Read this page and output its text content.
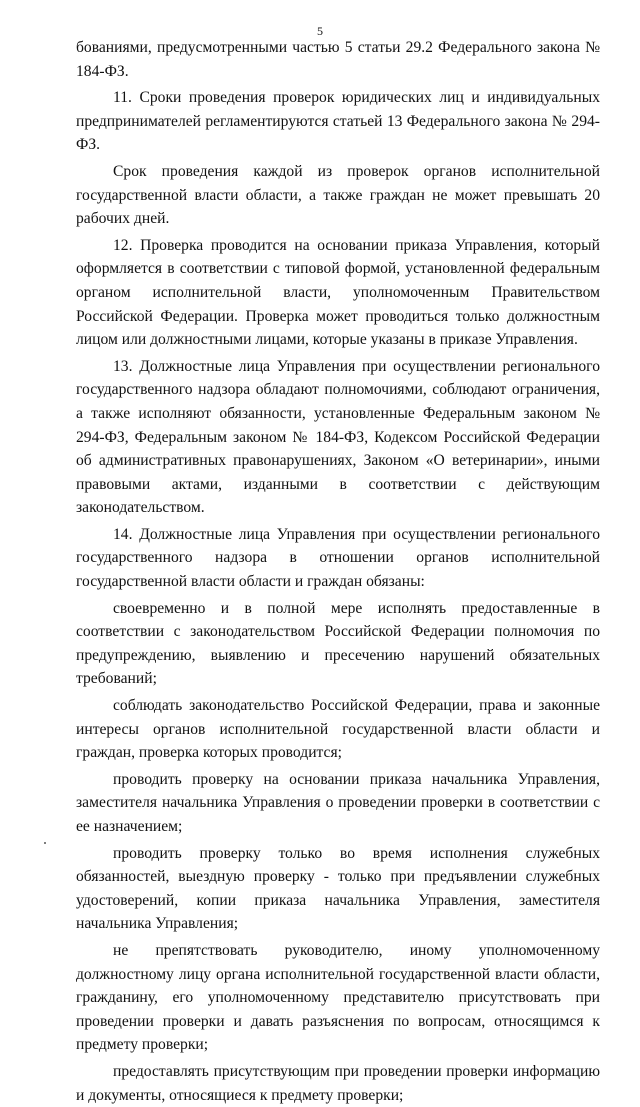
5

бованиями, предусмотренными частью 5 статьи 29.2 Федерального закона № 184-ФЗ.

11. Сроки проведения проверок юридических лиц и индивидуальных предпринимателей регламентируются статьей 13 Федерального закона № 294-ФЗ.

Срок проведения каждой из проверок органов исполнительной государственной власти области, а также граждан не может превышать 20 рабочих дней.

12. Проверка проводится на основании приказа Управления, который оформляется в соответствии с типовой формой, установленной федеральным органом исполнительной власти, уполномоченным Правительством Российской Федерации. Проверка может проводиться только должностным лицом или должностными лицами, которые указаны в приказе Управления.

13. Должностные лица Управления при осуществлении регионального государственного надзора обладают полномочиями, соблюдают ограничения, а также исполняют обязанности, установленные Федеральным законом № 294-ФЗ, Федеральным законом № 184-ФЗ, Кодексом Российской Федерации об административных правонарушениях, Законом «О ветеринарии», иными правовыми актами, изданными в соответствии с действующим законодательством.

14. Должностные лица Управления при осуществлении регионального государственного надзора в отношении органов исполнительной государственной власти области и граждан обязаны:

своевременно и в полной мере исполнять предоставленные в соответствии с законодательством Российской Федерации полномочия по предупреждению, выявлению и пресечению нарушений обязательных требований;

соблюдать законодательство Российской Федерации, права и законные интересы органов исполнительной государственной власти области и граждан, проверка которых проводится;

проводить проверку на основании приказа начальника Управления, заместителя начальника Управления о проведении проверки в соответствии с ее назначением;

проводить проверку только во время исполнения служебных обязанностей, выездную проверку - только при предъявлении служебных удостоверений, копии приказа начальника Управления, заместителя начальника Управления;

не препятствовать руководителю, иному уполномоченному должностному лицу органа исполнительной государственной власти области, гражданину, его уполномоченному представителю присутствовать при проведении проверки и давать разъяснения по вопросам, относящимся к предмету проверки;

предоставлять присутствующим при проведении проверки информацию и документы, относящиеся к предмету проверки;
